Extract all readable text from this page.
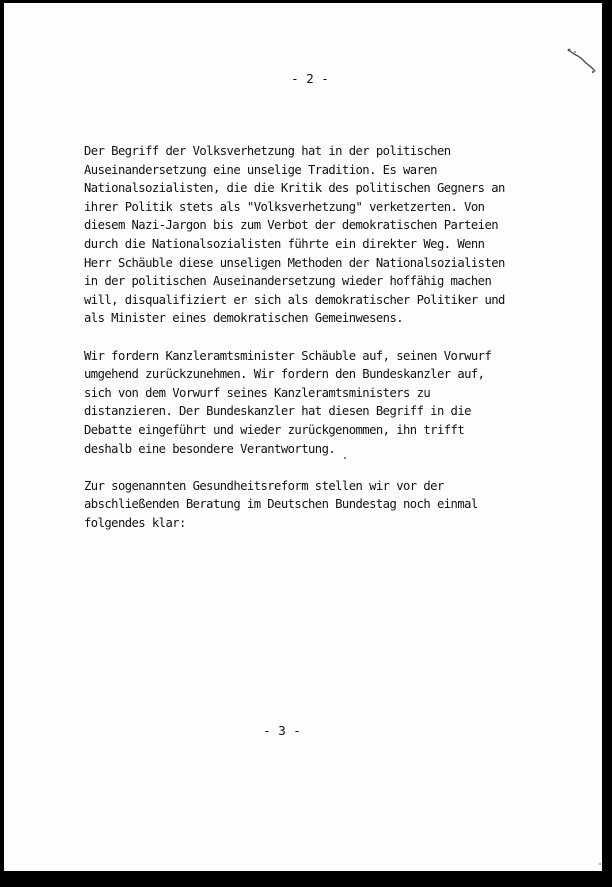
- 2 -

Der Begriff der Volksverhetzung hat in der politischen
Auseinandersetzung eine unselige Tradition. Es waren
Nationalsozialisten, die die Kritik des politischen Gegners an
ihrer Politik stets als "Volksverhetzung" verketzerten. Von
diesem Nazi-Jargon bis zum Verbot der demokratischen Parteien
durch die Nationalsozialisten führte ein direkter Weg. Wenn
Herr Schäuble diese unseligen Methoden der Nationalsozialisten
in der politischen Auseinandersetzung wieder hoffähig machen
will, disqualifiziert er sich als demokratischer Politiker und
als Minister eines demokratischen Gemeinwesens.

Wir fordern Kanzleramtsminister Schäuble auf, seinen Vorwurf
umgehend zurückzunehmen. Wir fordern den Bundeskanzler auf,
sich von dem Vorwurf seines Kanzleramtsministers zu
distanzieren. Der Bundeskanzler hat diesen Begriff in die
Debatte eingeführt und wieder zurückgenommen, ihn trifft
deshalb eine besondere Verantwortung.

Zur sogenannten Gesundheitsreform stellen wir vor der
abschließenden Beratung im Deutschen Bundestag noch einmal
folgendes klar:

- 3 -
